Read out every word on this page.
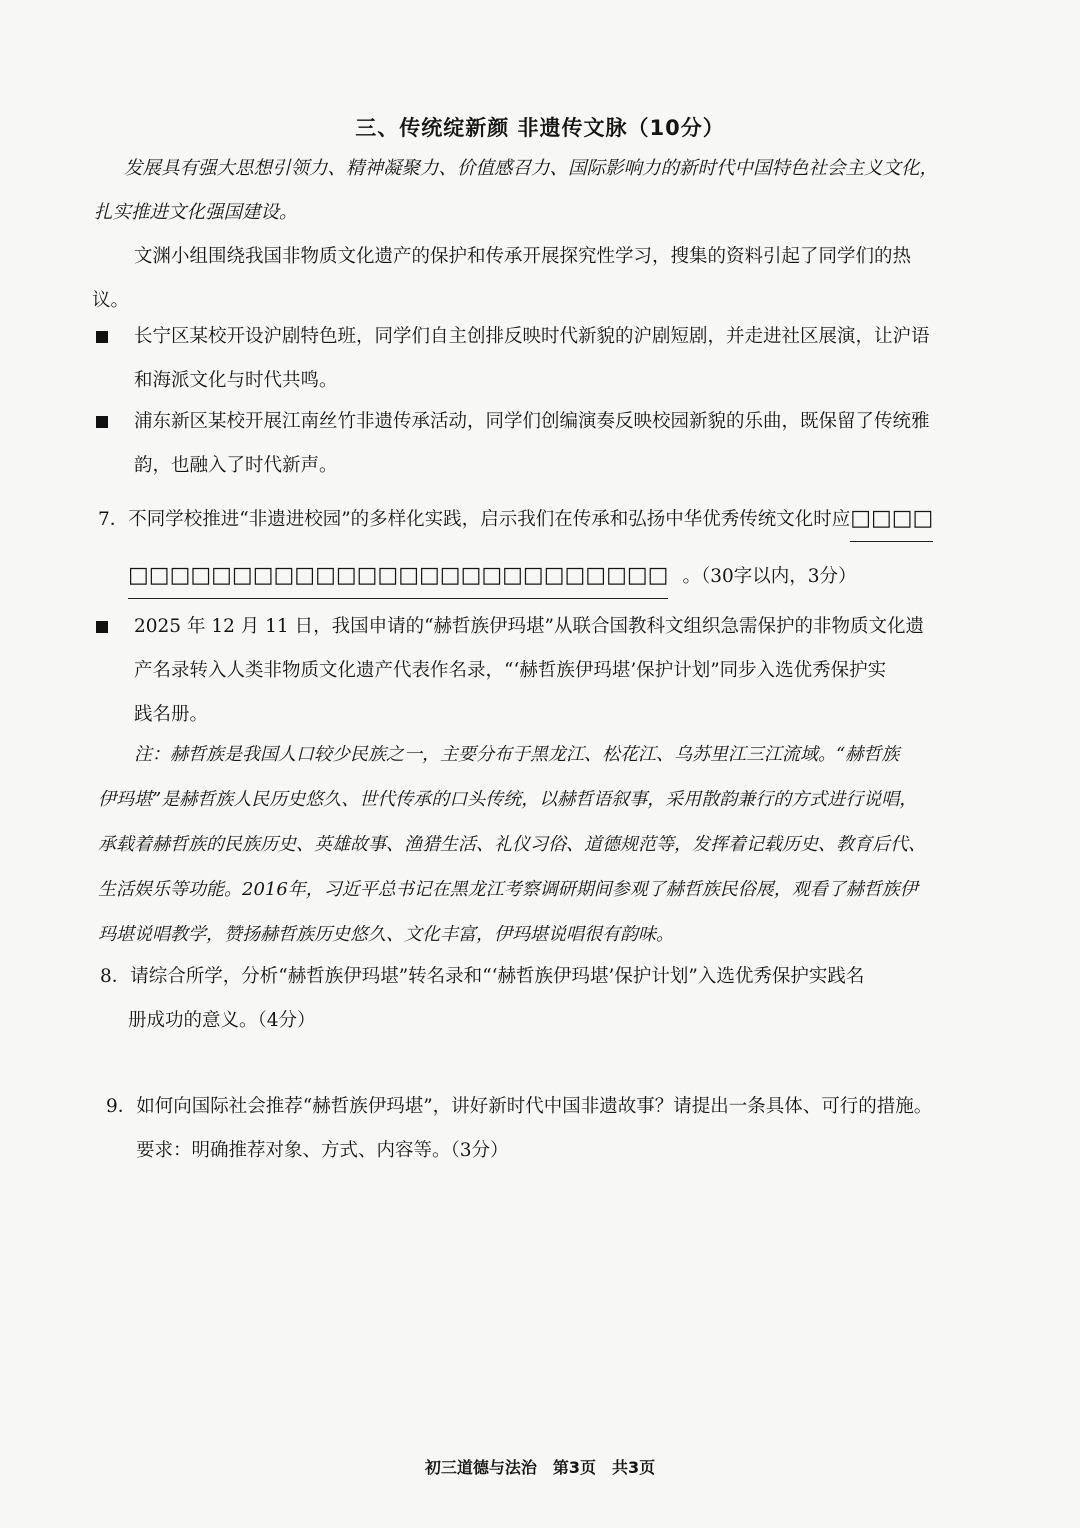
三、传统绽新颜 非遗传文脉（10分）
发展具有强大思想引领力、精神凝聚力、价值感召力、国际影响力的新时代中国特色社会主义文化，
扎实推进文化强国建设。
文渊小组围绕我国非物质文化遗产的保护和传承开展探究性学习，搜集的资料引起了同学们的热
议。
长宁区某校开设沪剧特色班，同学们自主创排反映时代新貌的沪剧短剧，并走进社区展演，让沪语
和海派文化与时代共鸣。
浦东新区某校开展江南丝竹非遗传承活动，同学们创编演奏反映校园新貌的乐曲，既保留了传统雅
韵，也融入了时代新声。
7．不同学校推进“非遗进校园”的多样化实践，启示我们在传承和弘扬中华优秀传统文化时应□□□□
□□□□□□□□□□□□□□□□□□□□□□□□□□ 。（30字以内，3分）
2025 年 12 月 11 日，我国申请的“赫哲族伊玛堪”从联合国教科文组织急需保护的非物质文化遗
产名录转入人类非物质文化遗产代表作名录，“‘赫哲族伊玛堪’保护计划”同步入选优秀保护实
践名册。
注：赫哲族是我国人口较少民族之一，主要分布于黑龙江、松花江、乌苏里江三江流域。“赫哲族
伊玛堪”是赫哲族人民历史悠久、世代传承的口头传统，以赫哲语叙事，采用散韵兼行的方式进行说唱，
承载着赫哲族的民族历史、英雄故事、渔猎生活、礼仪习俗、道德规范等，发挥着记载历史、教育后代、
生活娱乐等功能。2016年，习近平总书记在黑龙江考察调研期间参观了赫哲族民俗展，观看了赫哲族伊
玛堪说唱教学，赞扬赫哲族历史悠久、文化丰富，伊玛堪说唱很有韵味。
8．请综合所学，分析“赫哲族伊玛堪”转名录和“‘赫哲族伊玛堪’保护计划”入选优秀保护实践名
册成功的意义。（4分）
9．如何向国际社会推荐“赫哲族伊玛堪”，讲好新时代中国非遗故事？请提出一条具体、可行的措施。
要求：明确推荐对象、方式、内容等。（3分）
初三道德与法治　第3页　共3页
